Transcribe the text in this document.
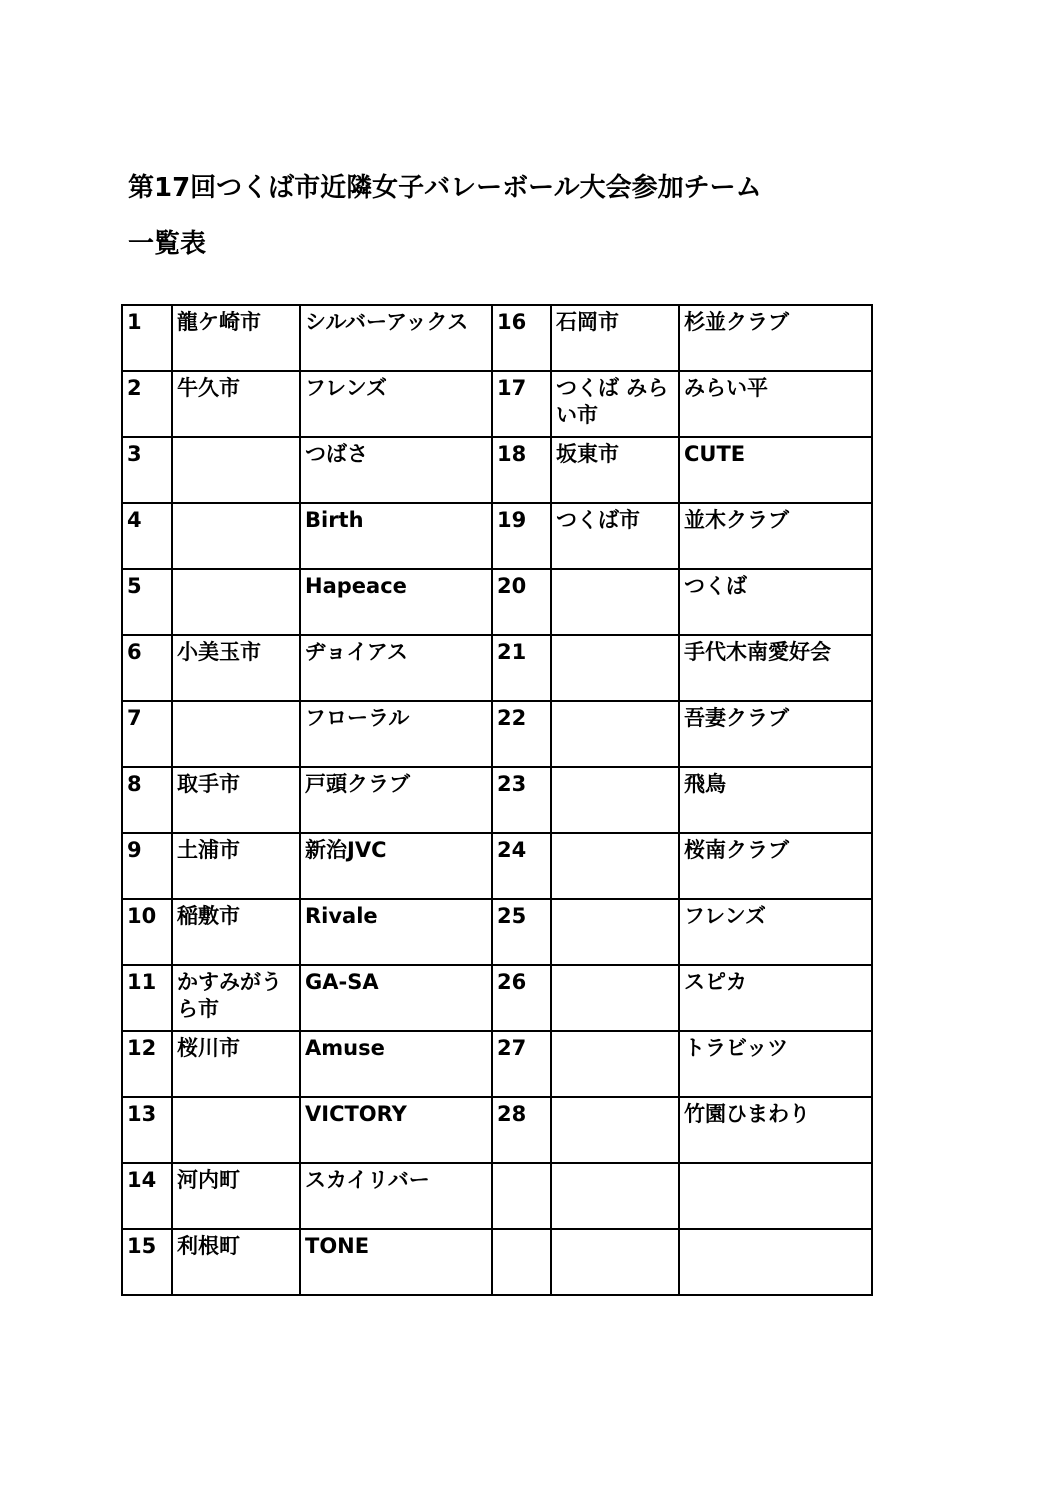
第17回つくば市近隣女子バレーボール大会参加チーム
一覧表
1	龍ケ崎市	シルバーアックス	16	石岡市	杉並クラブ
2	牛久市	フレンズ	17	つくば みらい市	みらい平
3		つばさ	18	坂東市	CUTE
4		Birth	19	つくば市	並木クラブ
5		Hapeace	20		つくば
6	小美玉市	ヂョイアス	21		手代木南愛好会
7		フローラル	22		吾妻クラブ
8	取手市	戸頭クラブ	23		飛鳥
9	土浦市	新治JVC	24		桜南クラブ
10	稲敷市	Rivale	25		フレンズ
11	かすみがうら市	GA-SA	26		スピカ
12	桜川市	Amuse	27		トラビッツ
13		VICTORY	28		竹園ひまわり
14	河内町	スカイリバー			
15	利根町	TONE			
